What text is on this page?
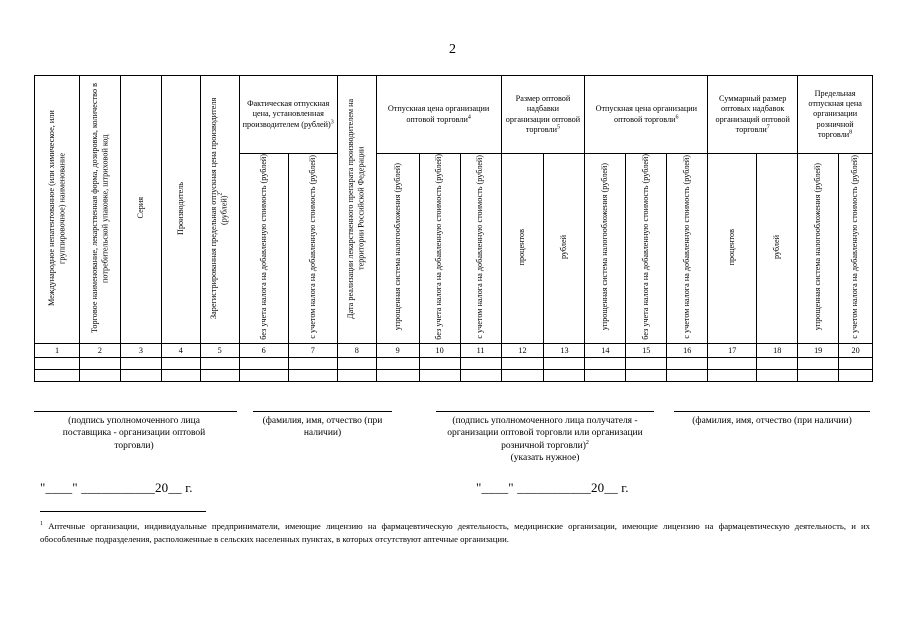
2
Международное непатентованное (или химическое, или группировочное) наименование	Торговое наименование, лекарственная форма, дозировка, количество в потребительской упаковке, штриховой код	Серия	Производитель	Зарегистрированная предельная отпускная цена производителя (рублей)$^2$	Фактическая отпускная цена, установленная производителем (рублей)$^3$		Дата реализации лекарственного препарата производителем на территории Российской Федерации	Отпускная цена организации оптовой торговли$^4$			Размер оптовой надбавки организации оптовой торговли$^5$		Отпускная цена организации оптовой торговли$^6$			Суммарный размер оптовых надбавок организаций оптовой торговли$^7$		Предельная отпускная цена организации розничной торговли$^8$
					без учета налога на добавленную стоимость (рублей)	с учетом налога на добавленную стоимость (рублей)		упрощенная система налогообложения (рублей)	без учета налога на добавленную стоимость (рублей)	с учетом налога на добавленную стоимость (рублей)	процентов	рублей	упрощенная система налогообложения (рублей)	без учета налога на добавленную стоимость (рублей)	с учетом налога на добавленную стоимость (рублей)	процентов	рублей	упрощенная система налогообложения (рублей)	с учетом налога на добавленную стоимость (рублей)
1	2	3	4	5	6	7	8	9	10	11	12	13	14	15	16	17	18	19	20

(подпись уполномоченного лица поставщика - организации оптовой торговли)
(фамилия, имя, отчество (при наличии)
(подпись уполномоченного лица получателя - организации оптовой торговли или организации розничной торговли)$^2$
(указать нужное)
(фамилия, имя, отчество (при наличии)
"____" ___________20__ г.	"____" ___________20__ г.
$^1$ Аптечные организации, индивидуальные предприниматели, имеющие лицензию на фармацевтическую деятельность, медицинские организации, имеющие лицензию на фармацевтическую деятельность, и их обособленные подразделения, расположенные в сельских населенных пунктах, в которых отсутствуют аптечные организации.
